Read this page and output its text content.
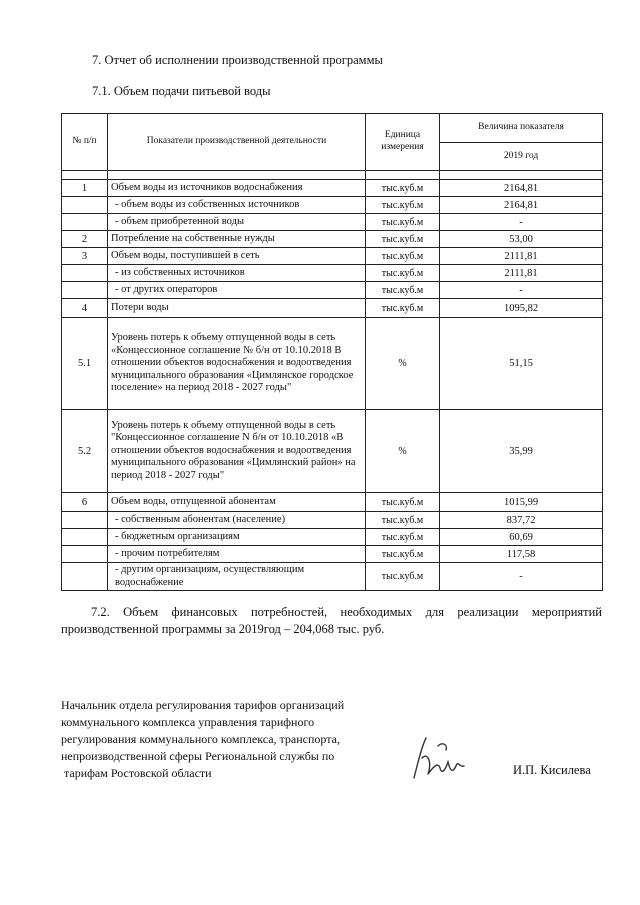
7. Отчет об исполнении производственной программы
7.1. Объем подачи питьевой воды
№ п/п	Показатели производственной деятельности	Единица измерения	Величина показателя
			2019 год

1	Объем воды из источников водоснабжения	тыс.куб.м	2164,81
	- объем воды из собственных источников	тыс.куб.м	2164,81
	- объем приобретенной воды	тыс.куб.м	-
2	Потребление на собственные нужды	тыс.куб.м	53,00
3	Объем воды, поступившей в сеть	тыс.куб.м	2111,81
	- из собственных источников	тыс.куб.м	2111,81
	- от других операторов	тыс.куб.м	-
4	Потери воды	тыс.куб.м	1095,82
5.1	Уровень потерь к объему отпущенной воды в сеть «Концессионное соглашение № б/н от 10.10.2018 В отношении объектов водоснабжения и водоотведения муниципального образования «Цимлянское городское поселение» на период 2018 - 2027 годы"	%	51,15
5.2	Уровень потерь к объему отпущенной воды в сеть "Концессионное соглашение N б/н от 10.10.2018 «В отношении объектов водоснабжения и водоотведения муниципального образования «Цимлянский район» на период 2018 - 2027 годы"	%	35,99
6	Объем воды, отпущенной абонентам	тыс.куб.м	1015,99
	- собственным абонентам (население)	тыс.куб.м	837,72
	- бюджетным организациям	тыс.куб.м	60,69
	- прочим потребителям	тыс.куб.м	117,58
	- другим организациям, осуществляющим водоснабжение	тыс.куб.м	-
7.2. Объем финансовых потребностей, необходимых для реализации мероприятий производственной программы за 2019год – 204,068 тыс. руб.
Начальник отдела регулирования тарифов организаций
коммунального комплекса управления тарифного
регулирования коммунального комплекса, транспорта,
непроизводственной сферы Региональной службы по
тарифам Ростовской области	И.П. Кисилева
